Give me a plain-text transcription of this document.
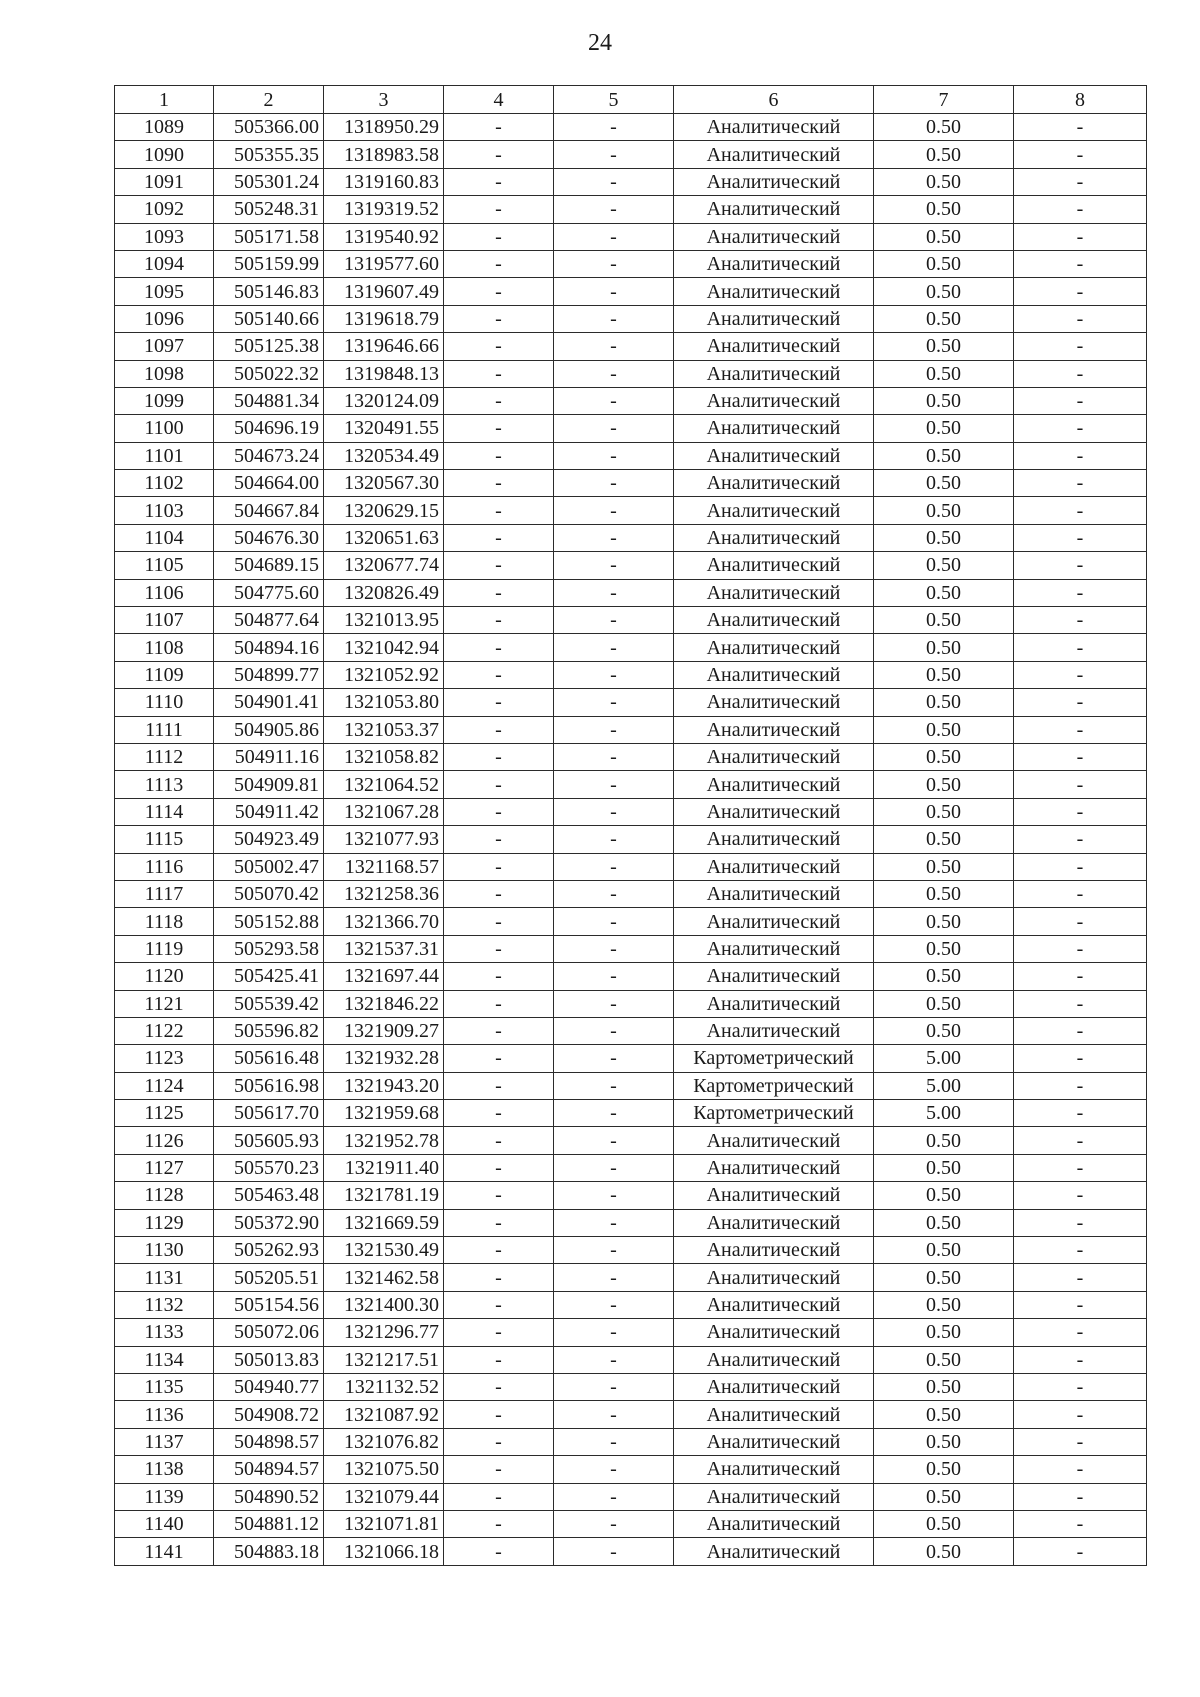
24
1	2	3	4	5	6	7	8
1089	505366.00	1318950.29	-	-	Аналитический	0.50	-
1090	505355.35	1318983.58	-	-	Аналитический	0.50	-
1091	505301.24	1319160.83	-	-	Аналитический	0.50	-
1092	505248.31	1319319.52	-	-	Аналитический	0.50	-
1093	505171.58	1319540.92	-	-	Аналитический	0.50	-
1094	505159.99	1319577.60	-	-	Аналитический	0.50	-
1095	505146.83	1319607.49	-	-	Аналитический	0.50	-
1096	505140.66	1319618.79	-	-	Аналитический	0.50	-
1097	505125.38	1319646.66	-	-	Аналитический	0.50	-
1098	505022.32	1319848.13	-	-	Аналитический	0.50	-
1099	504881.34	1320124.09	-	-	Аналитический	0.50	-
1100	504696.19	1320491.55	-	-	Аналитический	0.50	-
1101	504673.24	1320534.49	-	-	Аналитический	0.50	-
1102	504664.00	1320567.30	-	-	Аналитический	0.50	-
1103	504667.84	1320629.15	-	-	Аналитический	0.50	-
1104	504676.30	1320651.63	-	-	Аналитический	0.50	-
1105	504689.15	1320677.74	-	-	Аналитический	0.50	-
1106	504775.60	1320826.49	-	-	Аналитический	0.50	-
1107	504877.64	1321013.95	-	-	Аналитический	0.50	-
1108	504894.16	1321042.94	-	-	Аналитический	0.50	-
1109	504899.77	1321052.92	-	-	Аналитический	0.50	-
1110	504901.41	1321053.80	-	-	Аналитический	0.50	-
1111	504905.86	1321053.37	-	-	Аналитический	0.50	-
1112	504911.16	1321058.82	-	-	Аналитический	0.50	-
1113	504909.81	1321064.52	-	-	Аналитический	0.50	-
1114	504911.42	1321067.28	-	-	Аналитический	0.50	-
1115	504923.49	1321077.93	-	-	Аналитический	0.50	-
1116	505002.47	1321168.57	-	-	Аналитический	0.50	-
1117	505070.42	1321258.36	-	-	Аналитический	0.50	-
1118	505152.88	1321366.70	-	-	Аналитический	0.50	-
1119	505293.58	1321537.31	-	-	Аналитический	0.50	-
1120	505425.41	1321697.44	-	-	Аналитический	0.50	-
1121	505539.42	1321846.22	-	-	Аналитический	0.50	-
1122	505596.82	1321909.27	-	-	Аналитический	0.50	-
1123	505616.48	1321932.28	-	-	Картометрический	5.00	-
1124	505616.98	1321943.20	-	-	Картометрический	5.00	-
1125	505617.70	1321959.68	-	-	Картометрический	5.00	-
1126	505605.93	1321952.78	-	-	Аналитический	0.50	-
1127	505570.23	1321911.40	-	-	Аналитический	0.50	-
1128	505463.48	1321781.19	-	-	Аналитический	0.50	-
1129	505372.90	1321669.59	-	-	Аналитический	0.50	-
1130	505262.93	1321530.49	-	-	Аналитический	0.50	-
1131	505205.51	1321462.58	-	-	Аналитический	0.50	-
1132	505154.56	1321400.30	-	-	Аналитический	0.50	-
1133	505072.06	1321296.77	-	-	Аналитический	0.50	-
1134	505013.83	1321217.51	-	-	Аналитический	0.50	-
1135	504940.77	1321132.52	-	-	Аналитический	0.50	-
1136	504908.72	1321087.92	-	-	Аналитический	0.50	-
1137	504898.57	1321076.82	-	-	Аналитический	0.50	-
1138	504894.57	1321075.50	-	-	Аналитический	0.50	-
1139	504890.52	1321079.44	-	-	Аналитический	0.50	-
1140	504881.12	1321071.81	-	-	Аналитический	0.50	-
1141	504883.18	1321066.18	-	-	Аналитический	0.50	-
